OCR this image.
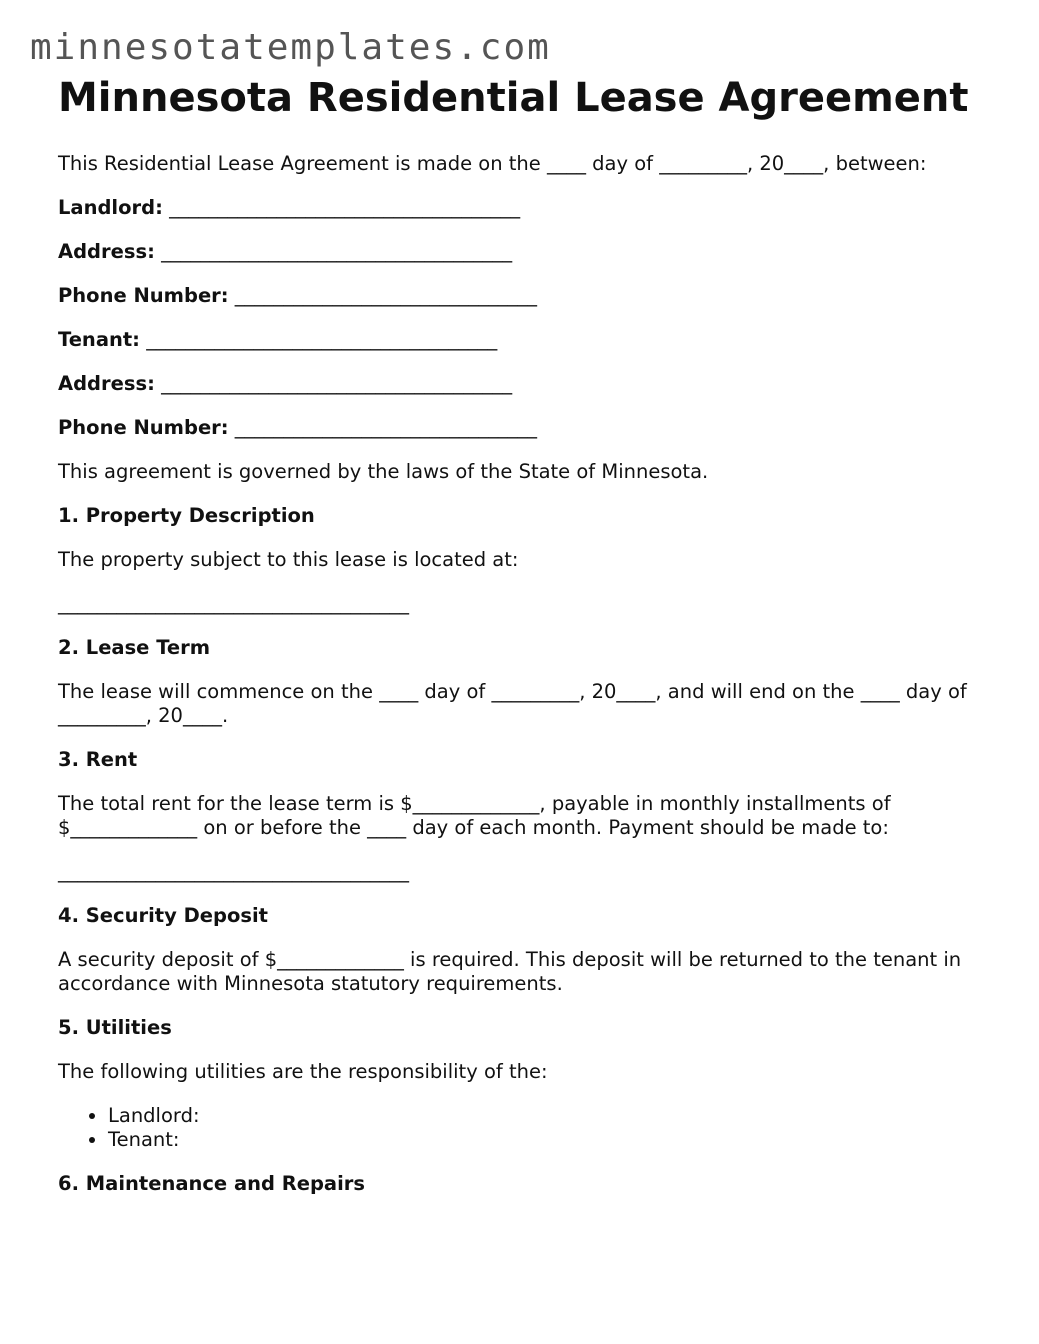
minnesotatemplates.com
Minnesota Residential Lease Agreement

This Residential Lease Agreement is made on the ____ day of _________, 20____, between:

Landlord: ____________________________________

Address: ____________________________________

Phone Number: _______________________________

Tenant: ____________________________________

Address: ____________________________________

Phone Number: _______________________________

This agreement is governed by the laws of the State of Minnesota.

1. Property Description

The property subject to this lease is located at:

____________________________________

2. Lease Term

The lease will commence on the ____ day of _________, 20____, and will end on the ____ day of _________, 20____.

3. Rent

The total rent for the lease term is $_____________, payable in monthly installments of $_____________ on or before the ____ day of each month. Payment should be made to:

____________________________________

4. Security Deposit

A security deposit of $_____________ is required. This deposit will be returned to the tenant in accordance with Minnesota statutory requirements.

5. Utilities

The following utilities are the responsibility of the:

• Landlord:
• Tenant:
6. Maintenance and Repairs
